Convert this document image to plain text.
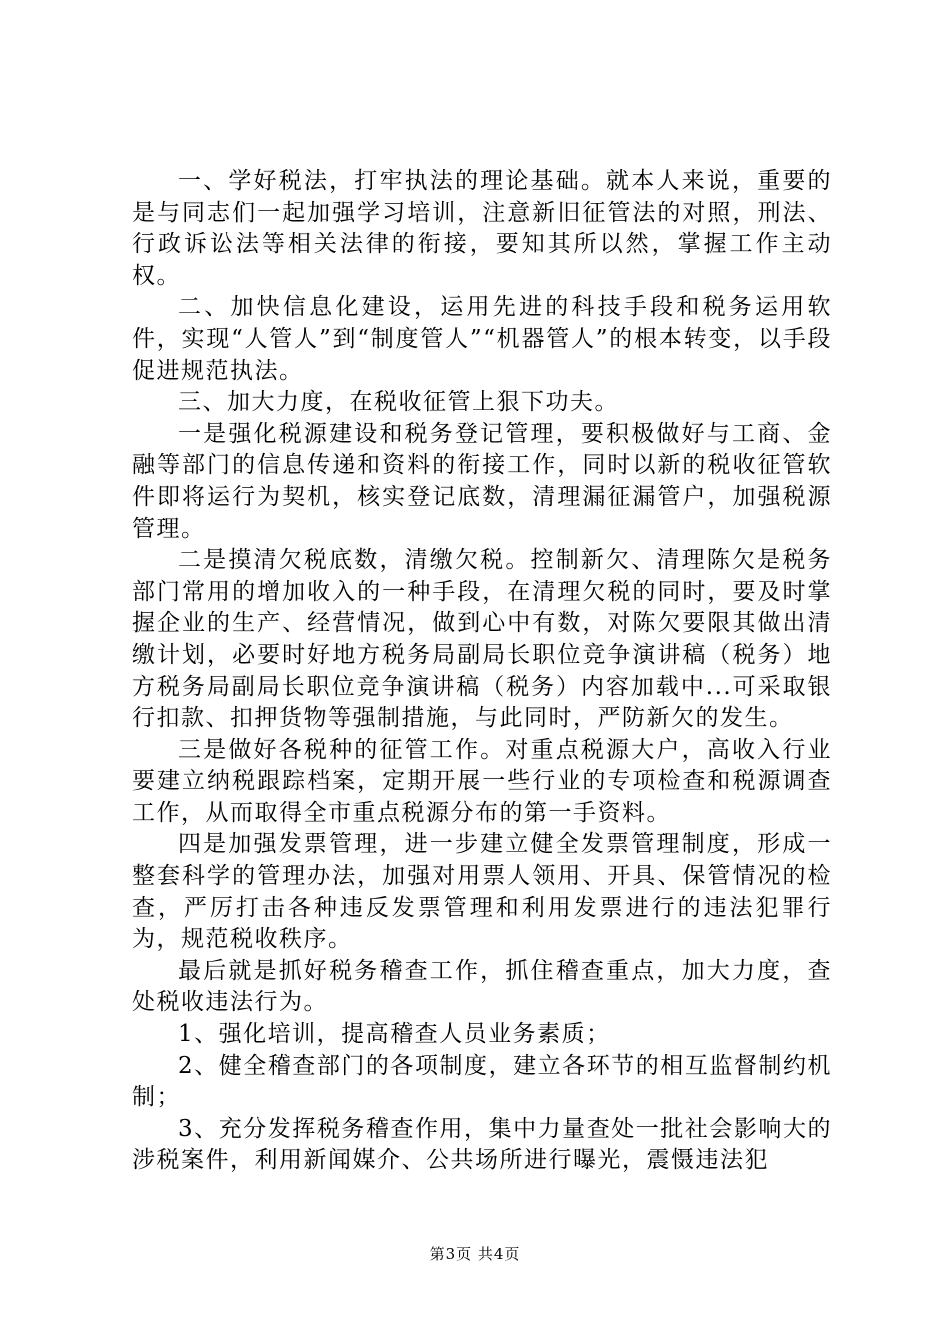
一、学好税法，打牢执法的理论基础。就本人来说，重要的是与同志们一起加强学习培训，注意新旧征管法的对照，刑法、行政诉讼法等相关法律的衔接，要知其所以然，掌握工作主动权。

二、加快信息化建设，运用先进的科技手段和税务运用软件，实现“人管人”到“制度管人”“机器管人”的根本转变，以手段促进规范执法。

三、加大力度，在税收征管上狠下功夫。

一是强化税源建设和税务登记管理，要积极做好与工商、金融等部门的信息传递和资料的衔接工作，同时以新的税收征管软件即将运行为契机，核实登记底数，清理漏征漏管户，加强税源管理。

二是摸清欠税底数，清缴欠税。控制新欠、清理陈欠是税务部门常用的增加收入的一种手段，在清理欠税的同时，要及时掌握企业的生产、经营情况，做到心中有数，对陈欠要限其做出清缴计划，必要时好地方税务局副局长职位竞争演讲稿（税务）地方税务局副局长职位竞争演讲稿（税务）内容加载中...可采取银行扣款、扣押货物等强制措施，与此同时，严防新欠的发生。

三是做好各税种的征管工作。对重点税源大户，高收入行业要建立纳税跟踪档案，定期开展一些行业的专项检查和税源调查工作，从而取得全市重点税源分布的第一手资料。

四是加强发票管理，进一步建立健全发票管理制度，形成一整套科学的管理办法，加强对用票人领用、开具、保管情况的检查，严厉打击各种违反发票管理和利用发票进行的违法犯罪行为，规范税收秩序。

最后就是抓好税务稽查工作，抓住稽查重点，加大力度，查处税收违法行为。

1、强化培训，提高稽查人员业务素质；

2、健全稽查部门的各项制度，建立各环节的相互监督制约机制；

3、充分发挥税务稽查作用，集中力量查处一批社会影响大的涉税案件，利用新闻媒介、公共场所进行曝光，震慑违法犯

第3页 共4页
